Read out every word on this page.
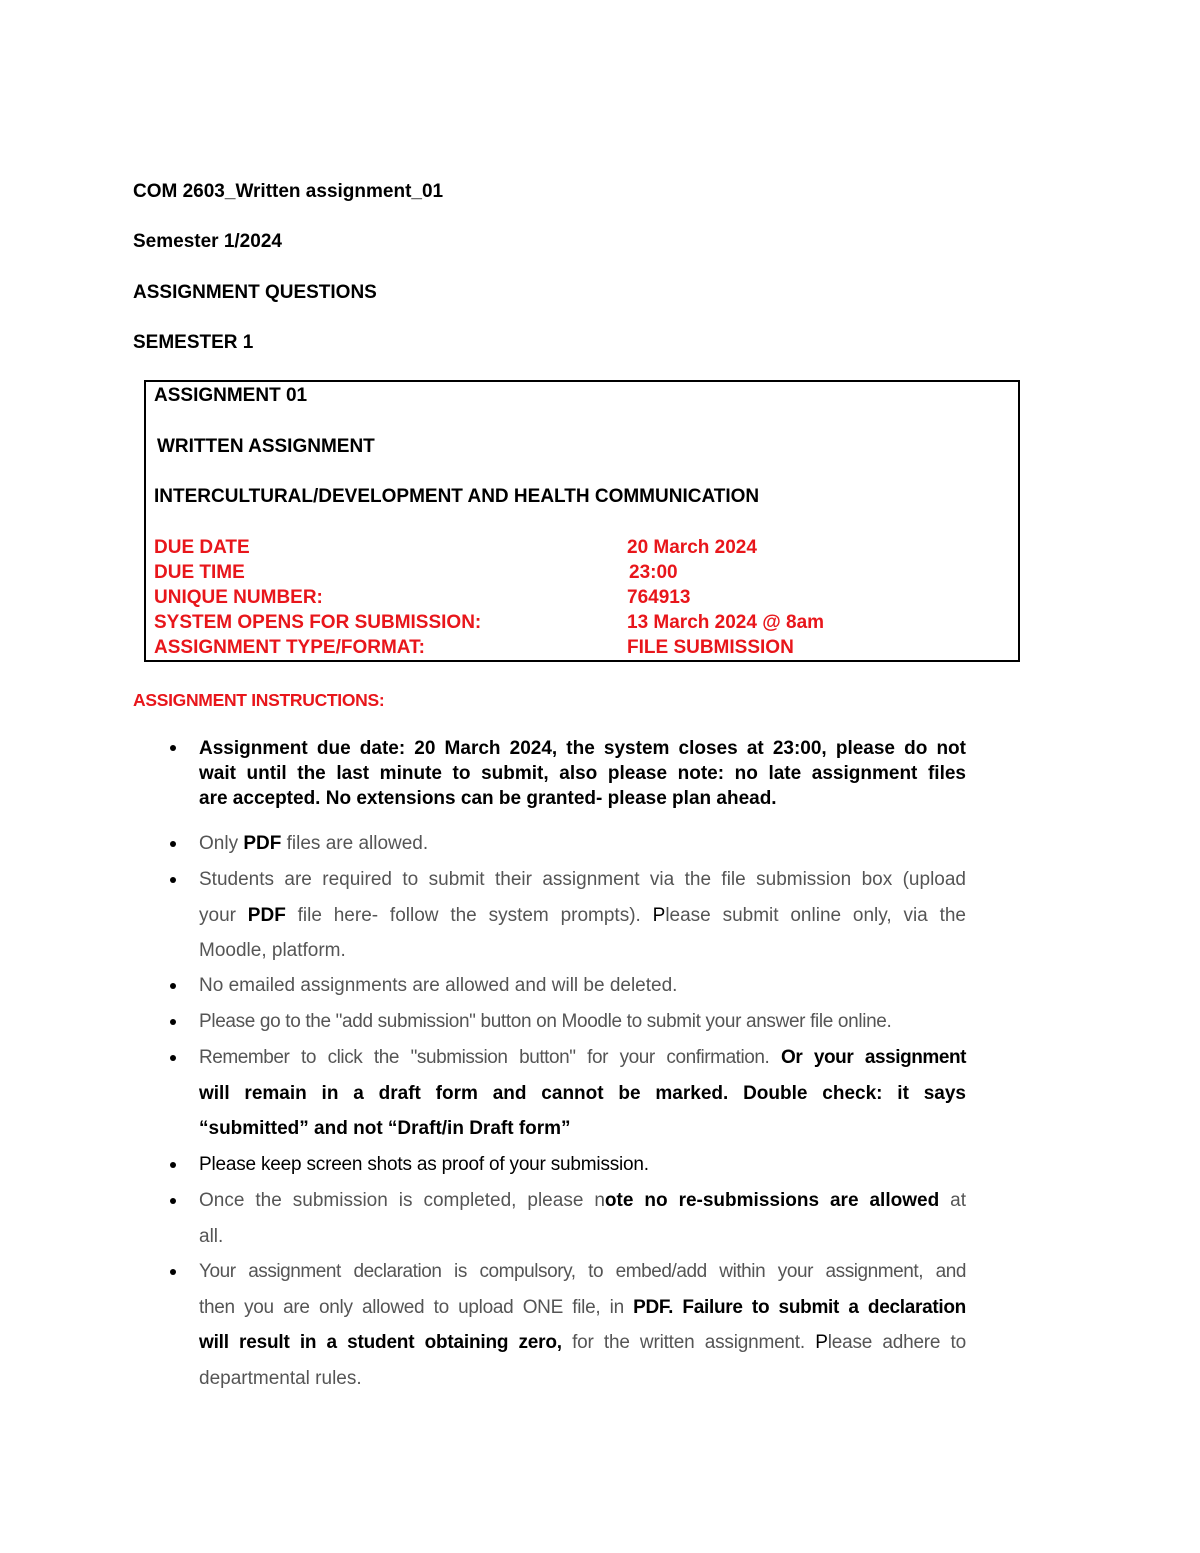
COM 2603_Written assignment_01
Semester 1/2024
ASSIGNMENT QUESTIONS
SEMESTER 1
ASSIGNMENT 01
WRITTEN ASSIGNMENT
INTERCULTURAL/DEVELOPMENT AND HEALTH COMMUNICATION
DUE DATE	20 March 2024
DUE TIME	23:00
UNIQUE NUMBER:	764913
SYSTEM OPENS FOR SUBMISSION:	13 March 2024 @ 8am
ASSIGNMENT TYPE/FORMAT:	FILE SUBMISSION
ASSIGNMENT INSTRUCTIONS:
Assignment due date: 20 March 2024, the system closes at 23:00, please do not
wait until the last minute to submit, also please note: no late assignment files
are accepted. No extensions can be granted- please plan ahead.
Only PDF files are allowed.
Students are required to submit their assignment via the file submission box (upload
your PDF file here- follow the system prompts). Please submit online only, via the
Moodle, platform.
No emailed assignments are allowed and will be deleted.
Please go to the "add submission" button on Moodle to submit your answer file online.
Remember to click the "submission button" for your confirmation. Or your assignment
will remain in a draft form and cannot be marked. Double check: it says
“submitted” and not “Draft/in Draft form”
Please keep screen shots as proof of your submission.
Once the submission is completed, please note no re-submissions are allowed at
all.
Your assignment declaration is compulsory, to embed/add within your assignment, and
then you are only allowed to upload ONE file, in PDF. Failure to submit a declaration
will result in a student obtaining zero, for the written assignment. Please adhere to
departmental rules.
